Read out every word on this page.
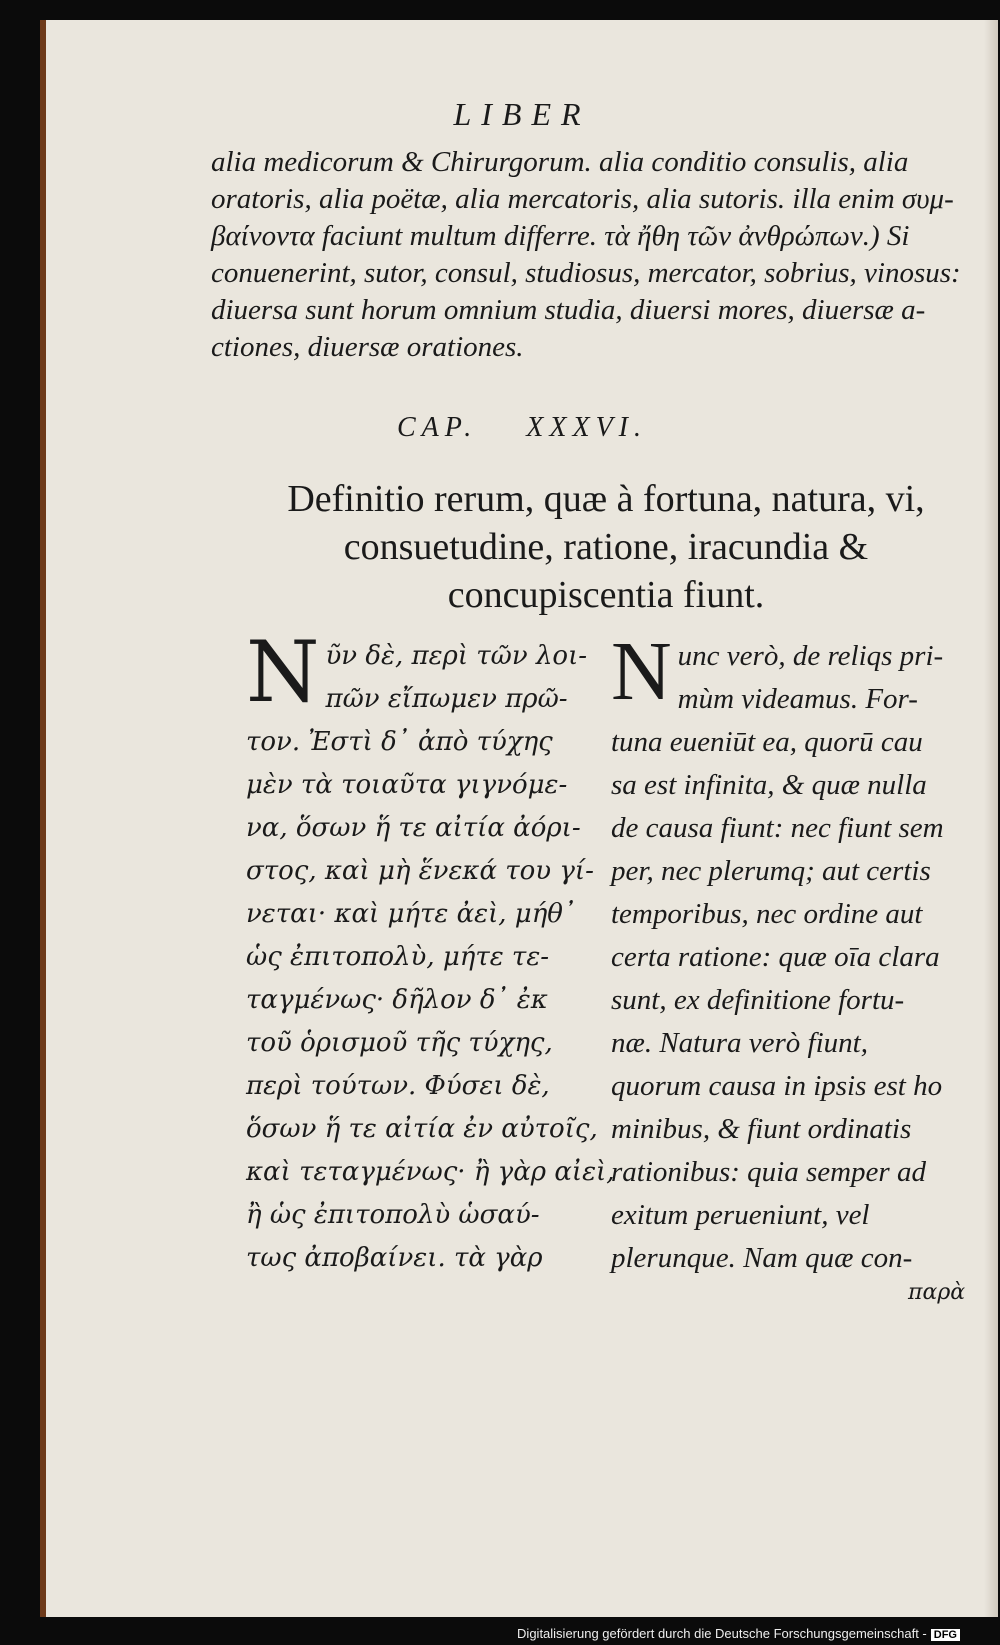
LIBER
alia medicorum & Chirurgorum. alia conditio consulis, alia
oratoris, alia poëtæ, alia mercatoris, alia sutoris. illa enim συμ-
βαίνοντα faciunt multum differre. τὰ ἤθη τῶν ἀνθρώπων.) Si
conuenerint, sutor, consul, studiosus, mercator, sobrius, vinosus:
diuersa sunt horum omnium studia, diuersi mores, diuersæ a-
ctiones, diuersæ orationes.
CAP. XXXVI.
Definitio rerum, quæ à fortuna, natura, vi,
consuetudine, ratione, iracundia &
concupiscentia fiunt.
N ῦν δὲ, περὶ τῶν λοι-
πῶν εἴπωμεν πρῶ-
τον. Ἐστὶ δ᾽ ἀπὸ τύχης
μὲν τὰ τοιαῦτα γιγνόμε-
να, ὅσων ἥ τε αἰτία ἀόρι-
στος, καὶ μὴ ἕνεκά του γί-
νεται· καὶ μήτε ἀεὶ, μήθ᾽
ὡς ἐπιτοπολὺ, μήτε τε-
ταγμένως· δῆλον δ᾽ ἐκ
τοῦ ὁρισμοῦ τῆς τύχης,
περὶ τούτων. Φύσει δὲ,
ὅσων ἥ τε αἰτία ἐν αὐτοῖς,
καὶ τεταγμένως· ἢ γὰρ αἰεὶ,
ἢ ὡς ἐπιτοπολὺ ὡσαύ-
τως ἀποβαίνει. τὰ γὰρ
N unc verò, de reliqs pri-
mùm videamus. For-
tuna eueniūt ea, quorū cau
sa est infinita, & quæ nulla
de causa fiunt: nec fiunt sem
per, nec plerumq; aut certis
temporibus, nec ordine aut
certa ratione: quæ oīa clara
sunt, ex definitione fortu-
næ. Natura verò fiunt,
quorum causa in ipsis est ho
minibus, & fiunt ordinatis
rationibus: quia semper ad
exitum perueniunt, vel
plerunque. Nam quæ con-
παρὰ
Digitalisierung gefördert durch die Deutsche Forschungsgemeinschaft - DFG
